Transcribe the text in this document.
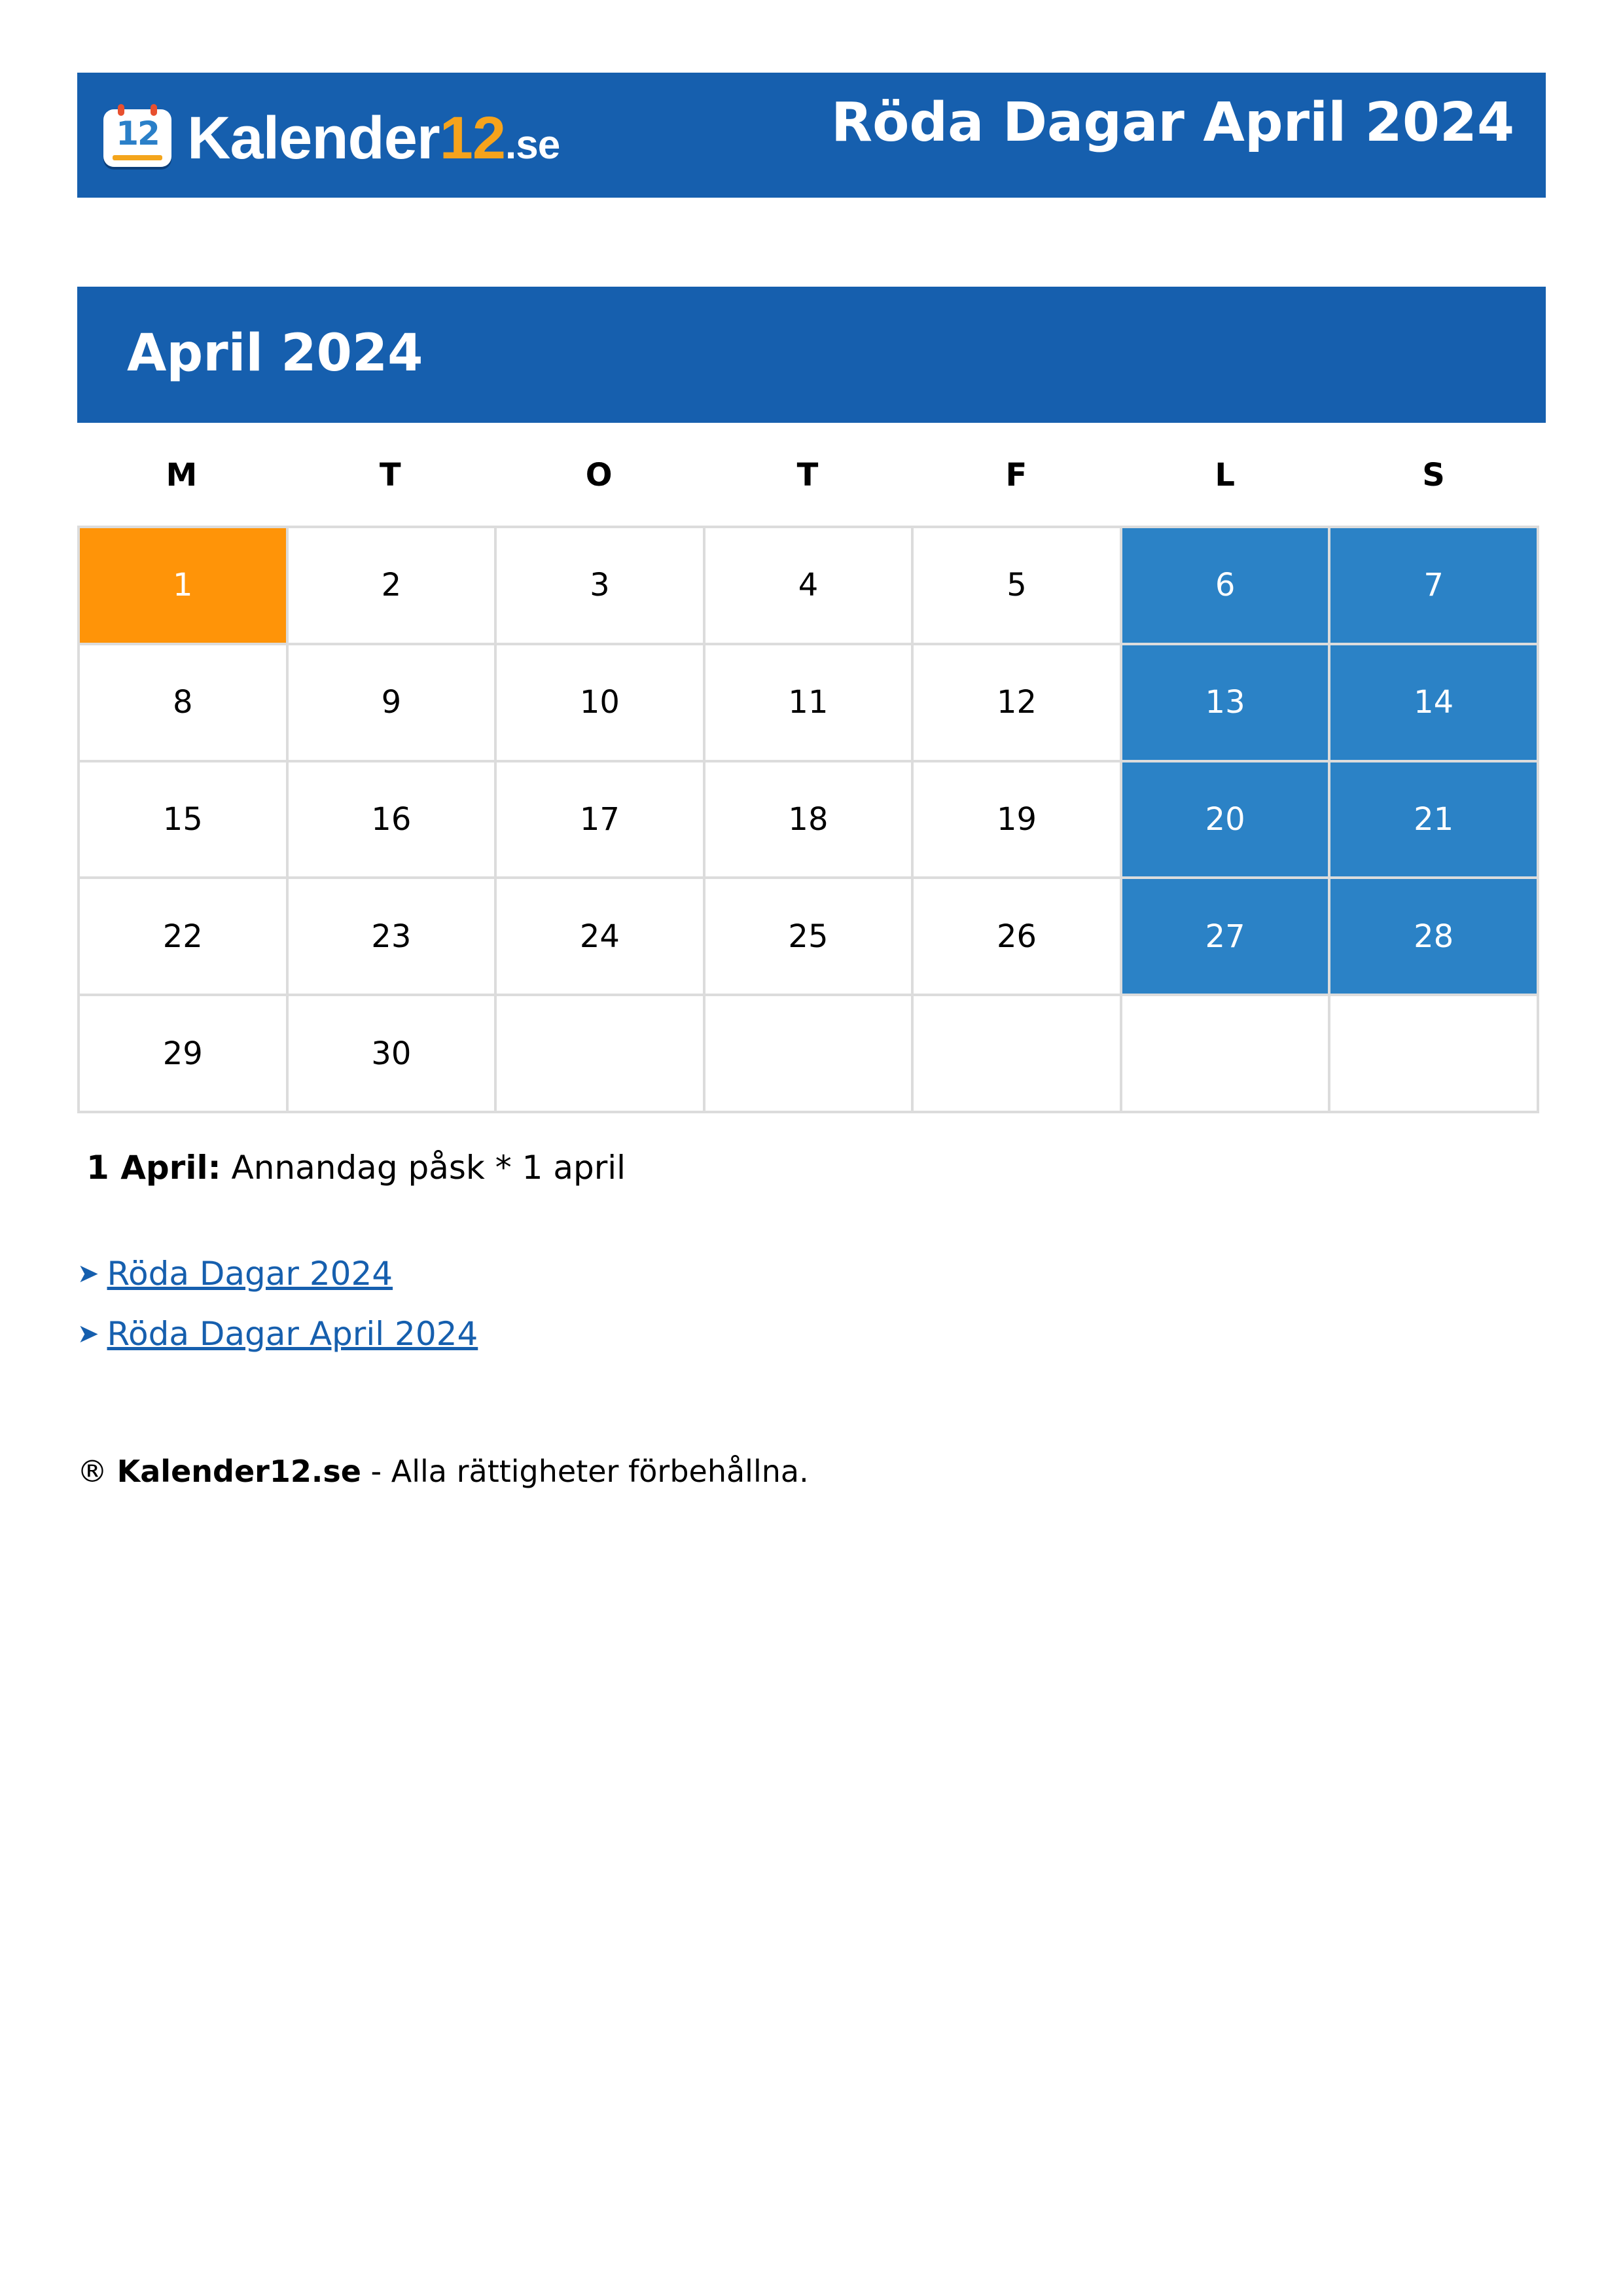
12 Kalender12.se	Röda Dagar April 2024
April 2024
M	T	O	T	F	L	S
1	2	3	4	5	6	7
8	9	10	11	12	13	14
15	16	17	18	19	20	21
22	23	24	25	26	27	28
29	30					
1 April: Annandag påsk * 1 april
➤ Röda Dagar 2024
➤ Röda Dagar April 2024
® Kalender12.se - Alla rättigheter förbehållna.
